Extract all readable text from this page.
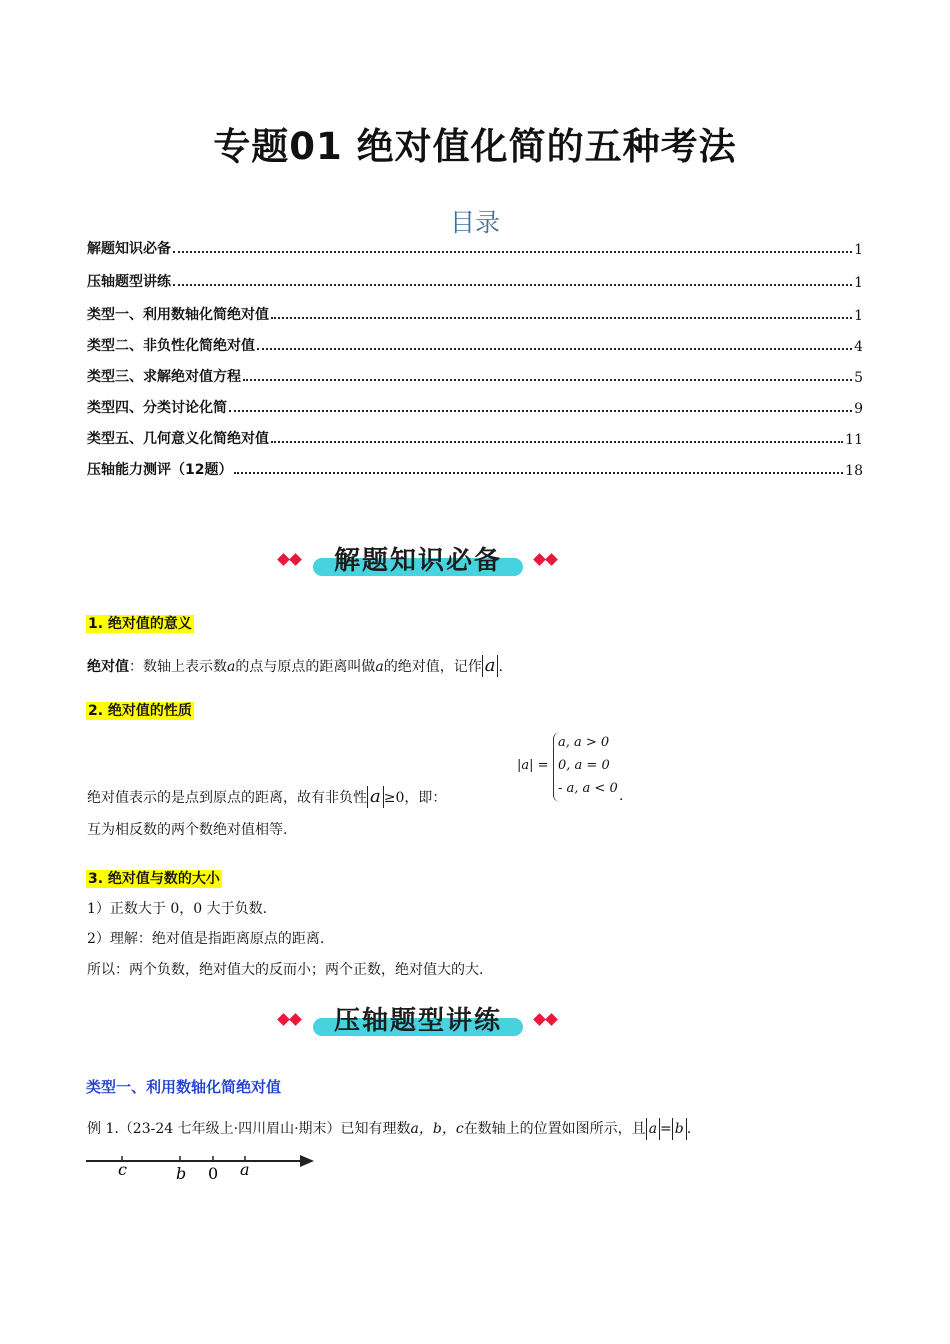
专题01 绝对值化简的五种考法
目录
解题知识必备	1
压轴题型讲练	1
类型一、利用数轴化简绝对值	1
类型二、非负性化简绝对值	4
类型三、求解绝对值方程	5
类型四、分类讨论化简	9
类型五、几何意义化简绝对值	11
压轴能力测评（12题）	18
解题知识必备
1. 绝对值的意义
绝对值：数轴上表示数a的点与原点的距离叫做a的绝对值，记作 a .
2. 绝对值的性质
|a| =
a, a > 0
0, a = 0
- a, a < 0
绝对值表示的是点到原点的距离，故有非负性 a ≥0，即：	.
互为相反数的两个数绝对值相等.
3. 绝对值与数的大小
1）正数大于 0，0 大于负数.
2）理解：绝对值是指距离原点的距离.
所以：两个负数，绝对值大的反而小；两个正数，绝对值大的大.
压轴题型讲练
类型一、利用数轴化简绝对值
例 1.（23-24 七年级上·四川眉山·期末）已知有理数a，b，c在数轴上的位置如图所示，且 a = b .
c	b 0 a
